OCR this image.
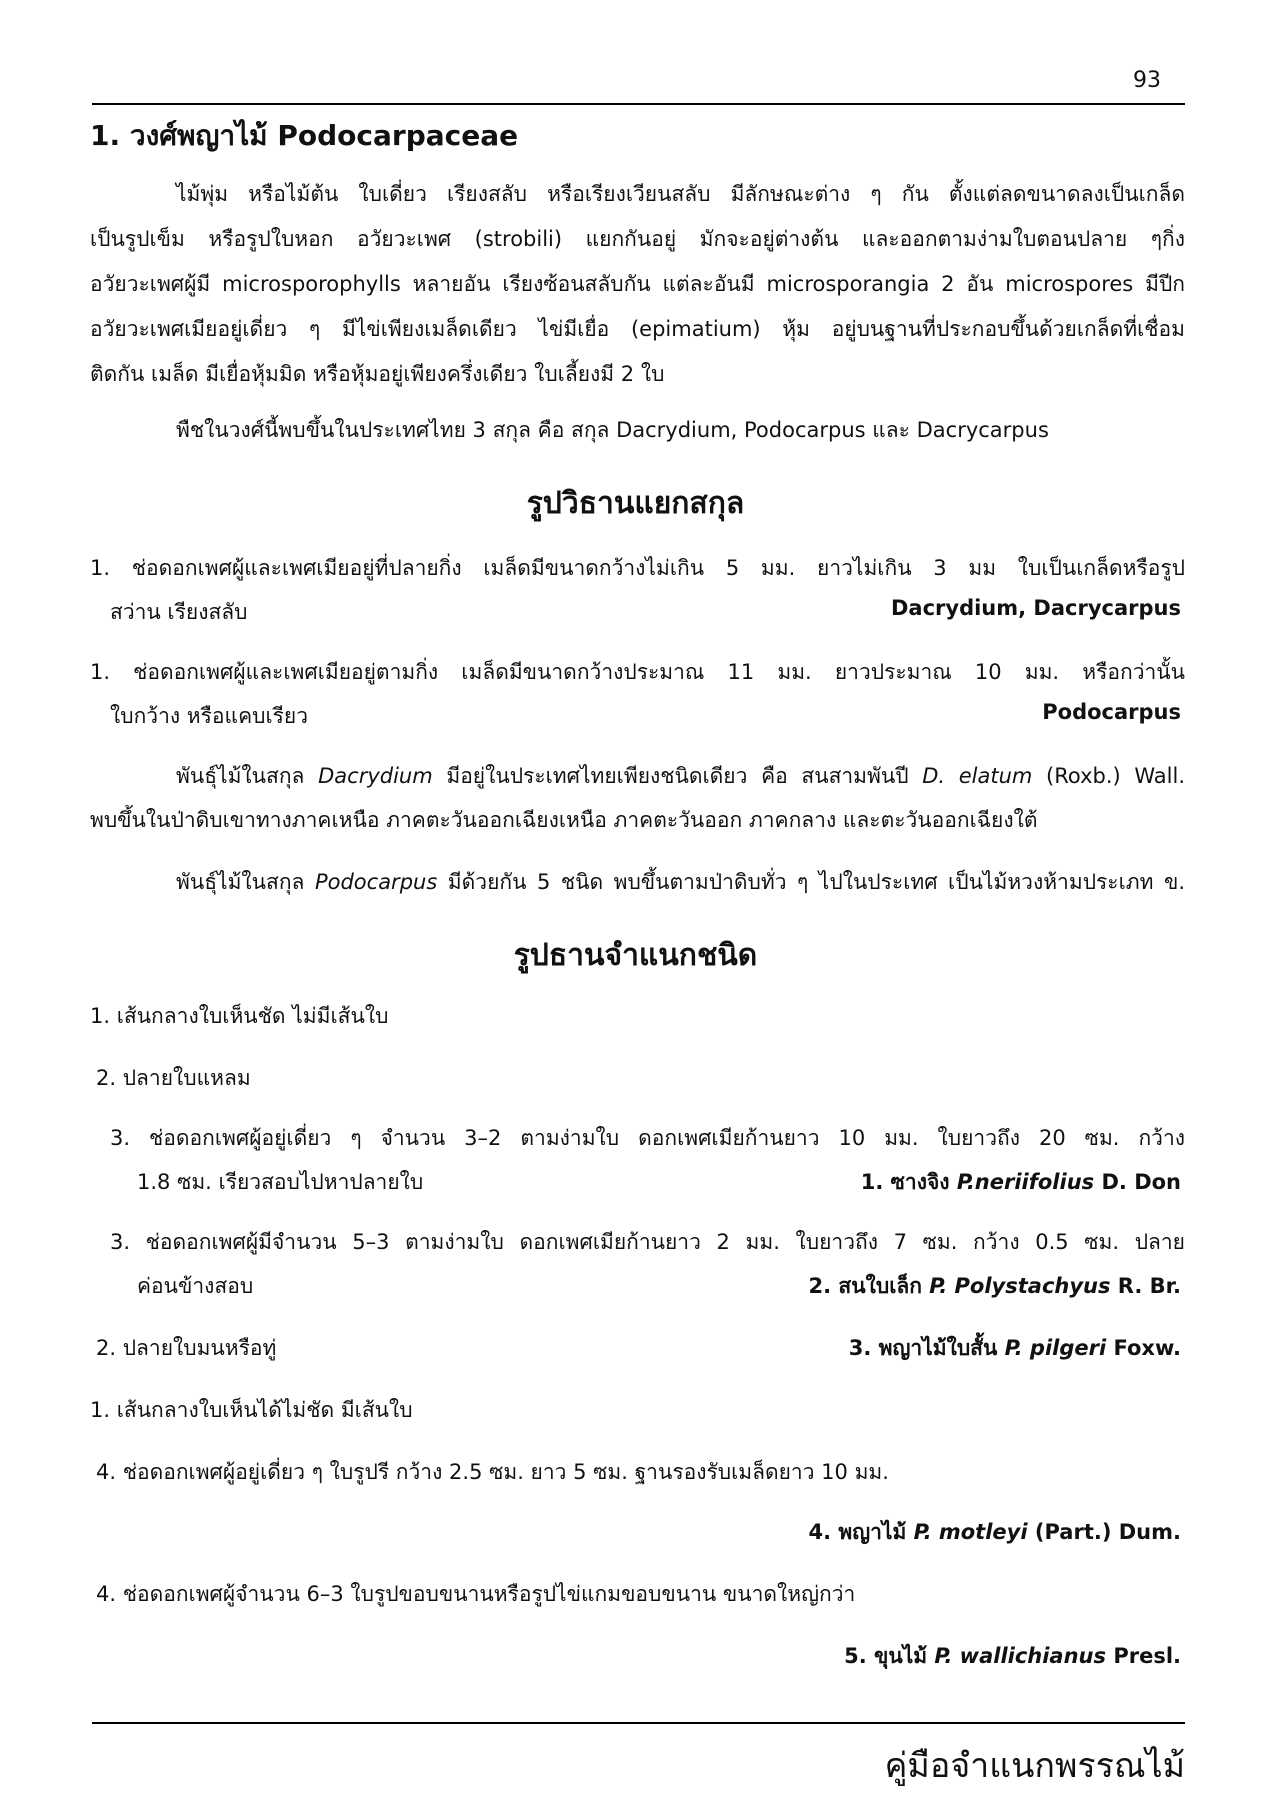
93
1. วงศ์พญาไม้ Podocarpaceae
ไม้พุ่ม หรือไม้ต้น ใบเดี่ยว เรียงสลับ หรือเรียงเวียนสลับ มีลักษณะต่าง ๆ กัน ตั้งแต่ลดขนาดลงเป็นเกล็ด
เป็นรูปเข็ม หรือรูปใบหอก อวัยวะเพศ (strobili) แยกกันอยู่ มักจะอยู่ต่างต้น และออกตามง่ามใบตอนปลาย ๆกิ่ง
อวัยวะเพศผู้มี microsporophylls หลายอัน เรียงซ้อนสลับกัน แต่ละอันมี microsporangia 2 อัน microspores มีปีก
อวัยวะเพศเมียอยู่เดี่ยว ๆ มีไข่เพียงเมล็ดเดียว ไข่มีเยื่อ (epimatium) หุ้ม อยู่บนฐานที่ประกอบขึ้นด้วยเกล็ดที่เชื่อม
ติดกัน เมล็ด มีเยื่อหุ้มมิด หรือหุ้มอยู่เพียงครึ่งเดียว ใบเลี้ยงมี 2 ใบ
พืชในวงศ์นี้พบขึ้นในประเทศไทย 3 สกุล คือ สกุล Dacrydium, Podocarpus และ Dacrycarpus
รูปวิธานแยกสกุล
1. ช่อดอกเพศผู้และเพศเมียอยู่ที่ปลายกิ่ง เมล็ดมีขนาดกว้างไม่เกิน 5 มม. ยาวไม่เกิน 3 มม ใบเป็นเกล็ดหรือรูป
สว่าน เรียงสลับ	Dacrydium, Dacrycarpus
1. ช่อดอกเพศผู้และเพศเมียอยู่ตามกิ่ง เมล็ดมีขนาดกว้างประมาณ 11 มม. ยาวประมาณ 10 มม. หรือกว่านั้น
ใบกว้าง หรือแคบเรียว	Podocarpus
พันธุ์ไม้ในสกุล Dacrydium มีอยู่ในประเทศไทยเพียงชนิดเดียว คือ สนสามพันปี D. elatum (Roxb.) Wall.
พบขึ้นในป่าดิบเขาทางภาคเหนือ ภาคตะวันออกเฉียงเหนือ ภาคตะวันออก ภาคกลาง และตะวันออกเฉียงใต้
พันธุ์ไม้ในสกุล Podocarpus มีด้วยกัน 5 ชนิด พบขึ้นตามป่าดิบทั่ว ๆ ไปในประเทศ เป็นไม้หวงห้ามประเภท ข.
รูปธานจำแนกชนิด
1. เส้นกลางใบเห็นชัด ไม่มีเส้นใบ
2. ปลายใบแหลม
3. ช่อดอกเพศผู้อยู่เดี่ยว ๆ จำนวน 3–2 ตามง่ามใบ ดอกเพศเมียก้านยาว 10 มม. ใบยาวถึง 20 ซม. กว้าง
1.8 ซม. เรียวสอบไปหาปลายใบ	1. ซางจิง P.neriifolius D. Don
3. ช่อดอกเพศผู้มีจำนวน 5–3 ตามง่ามใบ ดอกเพศเมียก้านยาว 2 มม. ใบยาวถึง 7 ซม. กว้าง 0.5 ซม. ปลาย
ค่อนข้างสอบ	2. สนใบเล็ก P. Polystachyus R. Br.
2. ปลายใบมนหรือทู่	3. พญาไม้ใบสั้น P. pilgeri Foxw.
1. เส้นกลางใบเห็นได้ไม่ชัด มีเส้นใบ
4. ช่อดอกเพศผู้อยู่เดี่ยว ๆ ใบรูปรี กว้าง 2.5 ซม. ยาว 5 ซม. ฐานรองรับเมล็ดยาว 10 มม.
4. พญาไม้ P. motleyi (Part.) Dum.
4. ช่อดอกเพศผู้จำนวน 6–3 ใบรูปขอบขนานหรือรูปไข่แกมขอบขนาน ขนาดใหญ่กว่า
5. ขุนไม้ P. wallichianus Presl.
คู่มือจำแนกพรรณไม้
